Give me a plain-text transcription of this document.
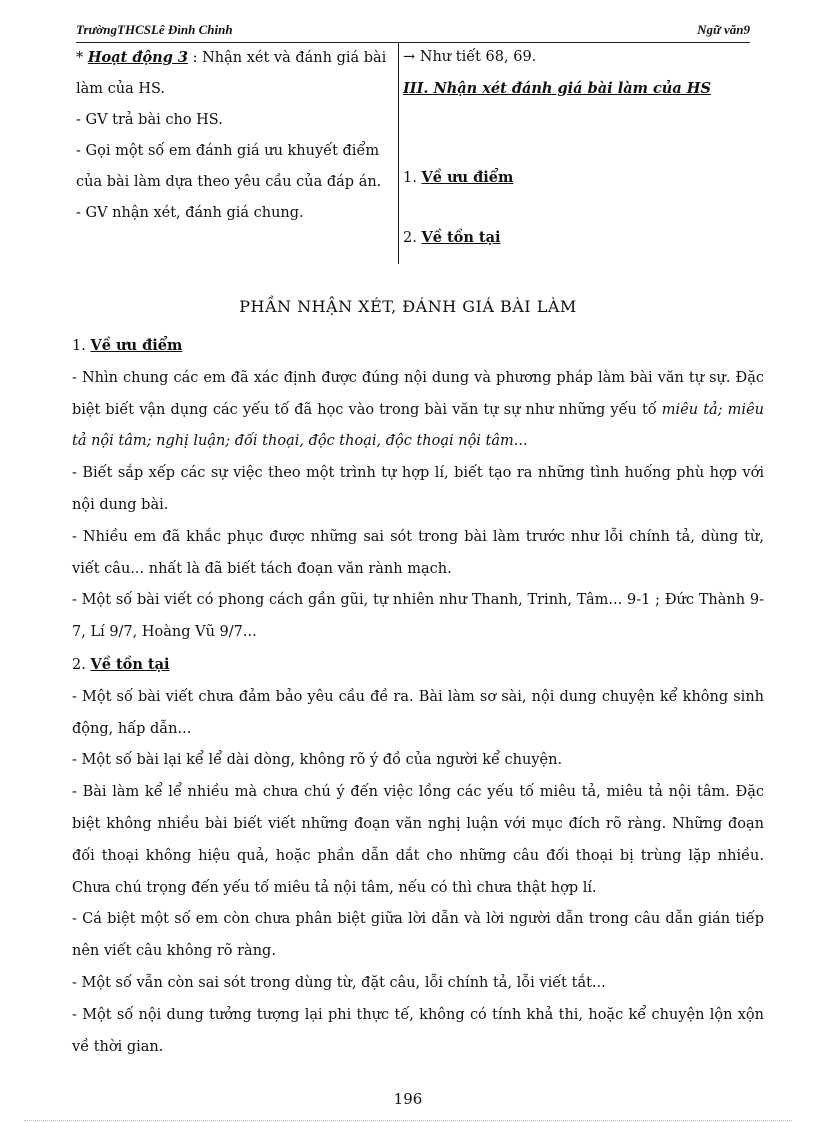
TrườngTHCSLê Đình Chinh	Ngữ văn9
* Hoạt động 3 : Nhận xét và đánh giá bài
làm của HS.
- GV trả bài cho HS.
- Gọi một số em đánh giá ưu khuyết điểm
của bài làm dựa theo yêu cầu của đáp án.
- GV nhận xét, đánh giá chung.
→ Như tiết 68, 69.
III. Nhận xét đánh giá bài làm của HS
1. Về ưu điểm
2. Về tồn tại
PHẦN NHẬN XÉT, ĐÁNH GIÁ BÀI LÀM
1. Về ưu điểm

- Nhìn chung các em đã xác định được đúng nội dung và phương pháp làm bài văn tự sự. Đặc biệt biết vận dụng các yếu tố đã học vào trong bài văn tự sự như những yếu tố miêu tả; miêu tả nội tâm; nghị luận; đối thoại, độc thoại, độc thoại nội tâm...

- Biết sắp xếp các sự việc theo một trình tự hợp lí, biết tạo ra những tình huống phù hợp với nội dung bài.

- Nhiều em đã khắc phục được những sai sót trong bài làm trước như lỗi chính tả, dùng từ, viết câu... nhất là đã biết tách đoạn văn rành mạch.

- Một số bài viết có phong cách gần gũi, tự nhiên như Thanh, Trinh, Tâm... 9-1 ; Đức Thành 9-7, Lí 9/7, Hoàng Vũ 9/7...

2. Về tồn tại

- Một số bài viết chưa đảm bảo yêu cầu đề ra. Bài làm sơ sài, nội dung chuyện kể không sinh động, hấp dẫn...

- Một số bài lại kể lể dài dòng, không rõ ý đồ của người kể chuyện.

- Bài làm kể lể nhiều mà chưa chú ý đến việc lồng các yếu tố miêu tả, miêu tả nội tâm. Đặc biệt không nhiều bài biết viết những đoạn văn nghị luận với mục đích rõ ràng. Những đoạn đối thoại không hiệu quả, hoặc phần dẫn dắt cho những câu đối thoại bị trùng lặp nhiều. Chưa chú trọng đến yếu tố miêu tả nội tâm, nếu có thì chưa thật hợp lí.

- Cá biệt một số em còn chưa phân biệt giữa lời dẫn và lời người dẫn trong câu dẫn gián tiếp nên viết câu không rõ ràng.

- Một số vẫn còn sai sót trong dùng từ, đặt câu, lỗi chính tả, lỗi viết tắt...

- Một số nội dung tưởng tượng lại phi thực tế, không có tính khả thi, hoặc kể chuyện lộn xộn về thời gian.

196
